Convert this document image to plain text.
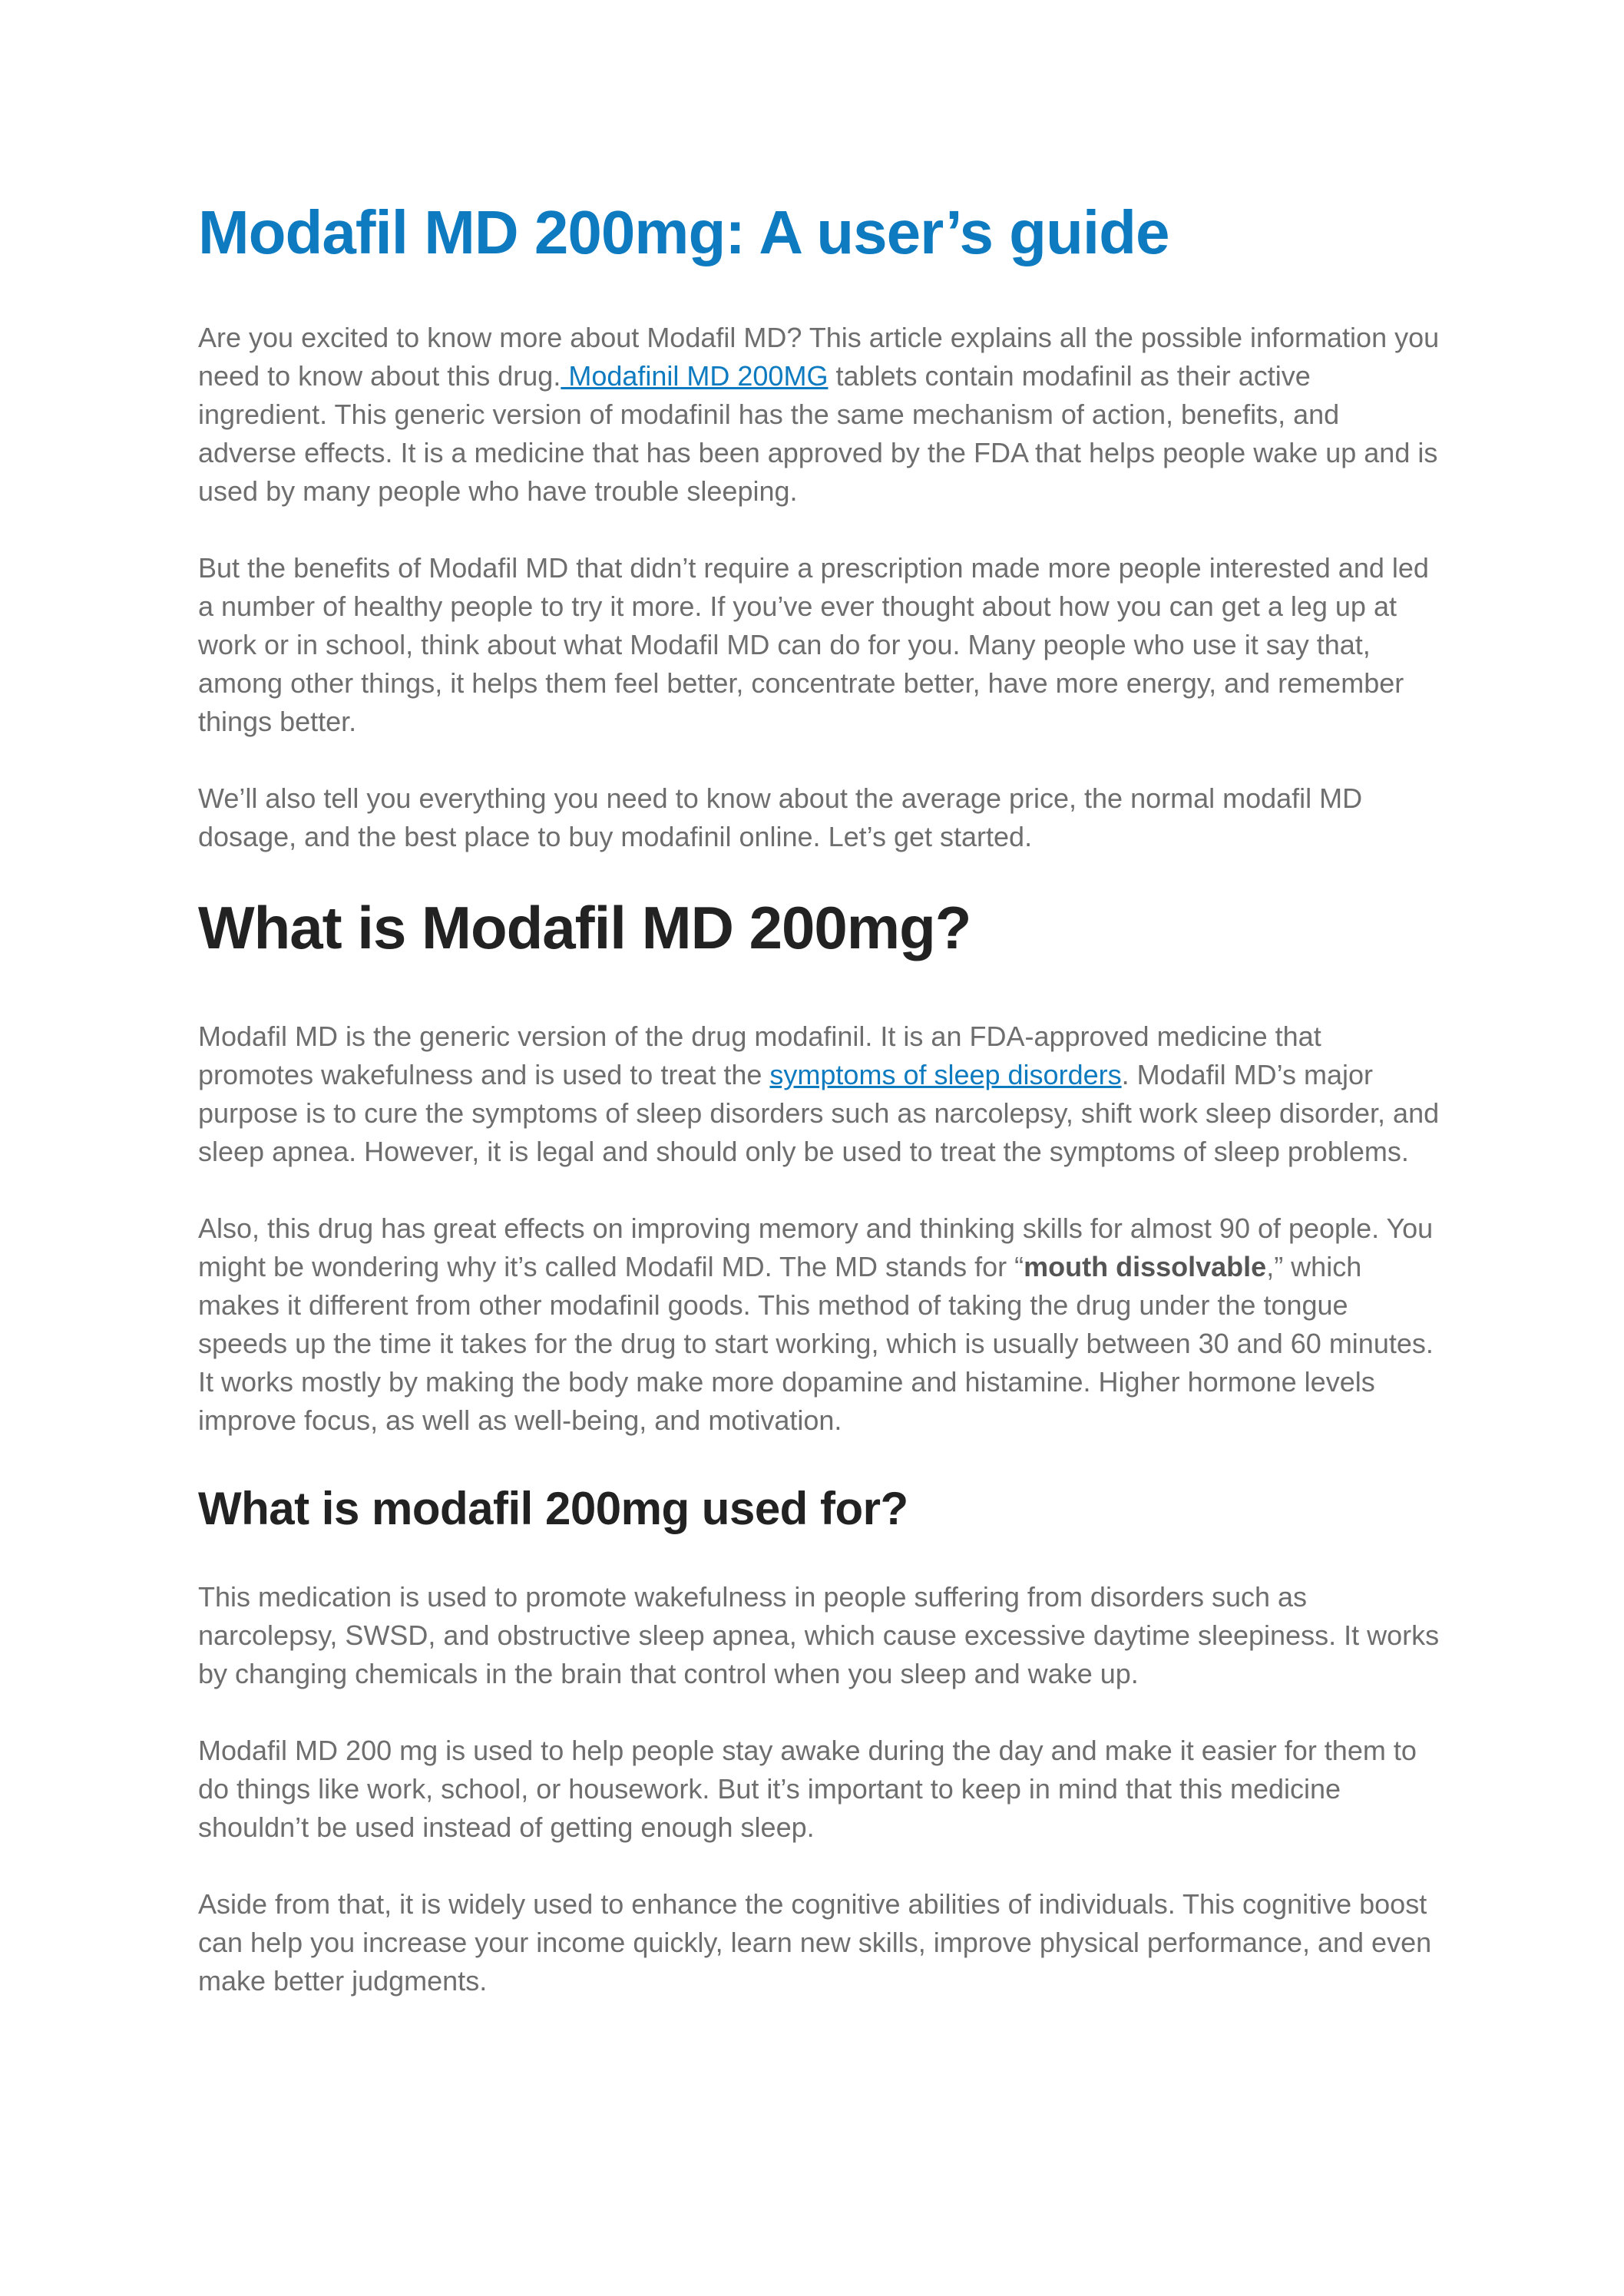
Modafil MD 200mg: A user’s guide

Are you excited to know more about Modafil MD? This article explains all the possible information you need to know about this drug. Modafinil MD 200MG tablets contain modafinil as their active ingredient. This generic version of modafinil has the same mechanism of action, benefits, and adverse effects. It is a medicine that has been approved by the FDA that helps people wake up and is used by many people who have trouble sleeping.

But the benefits of Modafil MD that didn’t require a prescription made more people interested and led a number of healthy people to try it more. If you’ve ever thought about how you can get a leg up at work or in school, think about what Modafil MD can do for you. Many people who use it say that, among other things, it helps them feel better, concentrate better, have more energy, and remember things better.

We’ll also tell you everything you need to know about the average price, the normal modafil MD dosage, and the best place to buy modafinil online. Let’s get started.

What is Modafil MD 200mg?

Modafil MD is the generic version of the drug modafinil. It is an FDA-approved medicine that promotes wakefulness and is used to treat the symptoms of sleep disorders. Modafil MD’s major purpose is to cure the symptoms of sleep disorders such as narcolepsy, shift work sleep disorder, and sleep apnea. However, it is legal and should only be used to treat the symptoms of sleep problems.

Also, this drug has great effects on improving memory and thinking skills for almost 90 of people. You might be wondering why it’s called Modafil MD. The MD stands for “mouth dissolvable,” which makes it different from other modafinil goods. This method of taking the drug under the tongue speeds up the time it takes for the drug to start working, which is usually between 30 and 60 minutes. It works mostly by making the body make more dopamine and histamine. Higher hormone levels improve focus, as well as well-being, and motivation.

What is modafil 200mg used for?

This medication is used to promote wakefulness in people suffering from disorders such as narcolepsy, SWSD, and obstructive sleep apnea, which cause excessive daytime sleepiness. It works by changing chemicals in the brain that control when you sleep and wake up.

Modafil MD 200 mg is used to help people stay awake during the day and make it easier for them to do things like work, school, or housework. But it’s important to keep in mind that this medicine shouldn’t be used instead of getting enough sleep.

Aside from that, it is widely used to enhance the cognitive abilities of individuals. This cognitive boost can help you increase your income quickly, learn new skills, improve physical performance, and even make better judgments.
